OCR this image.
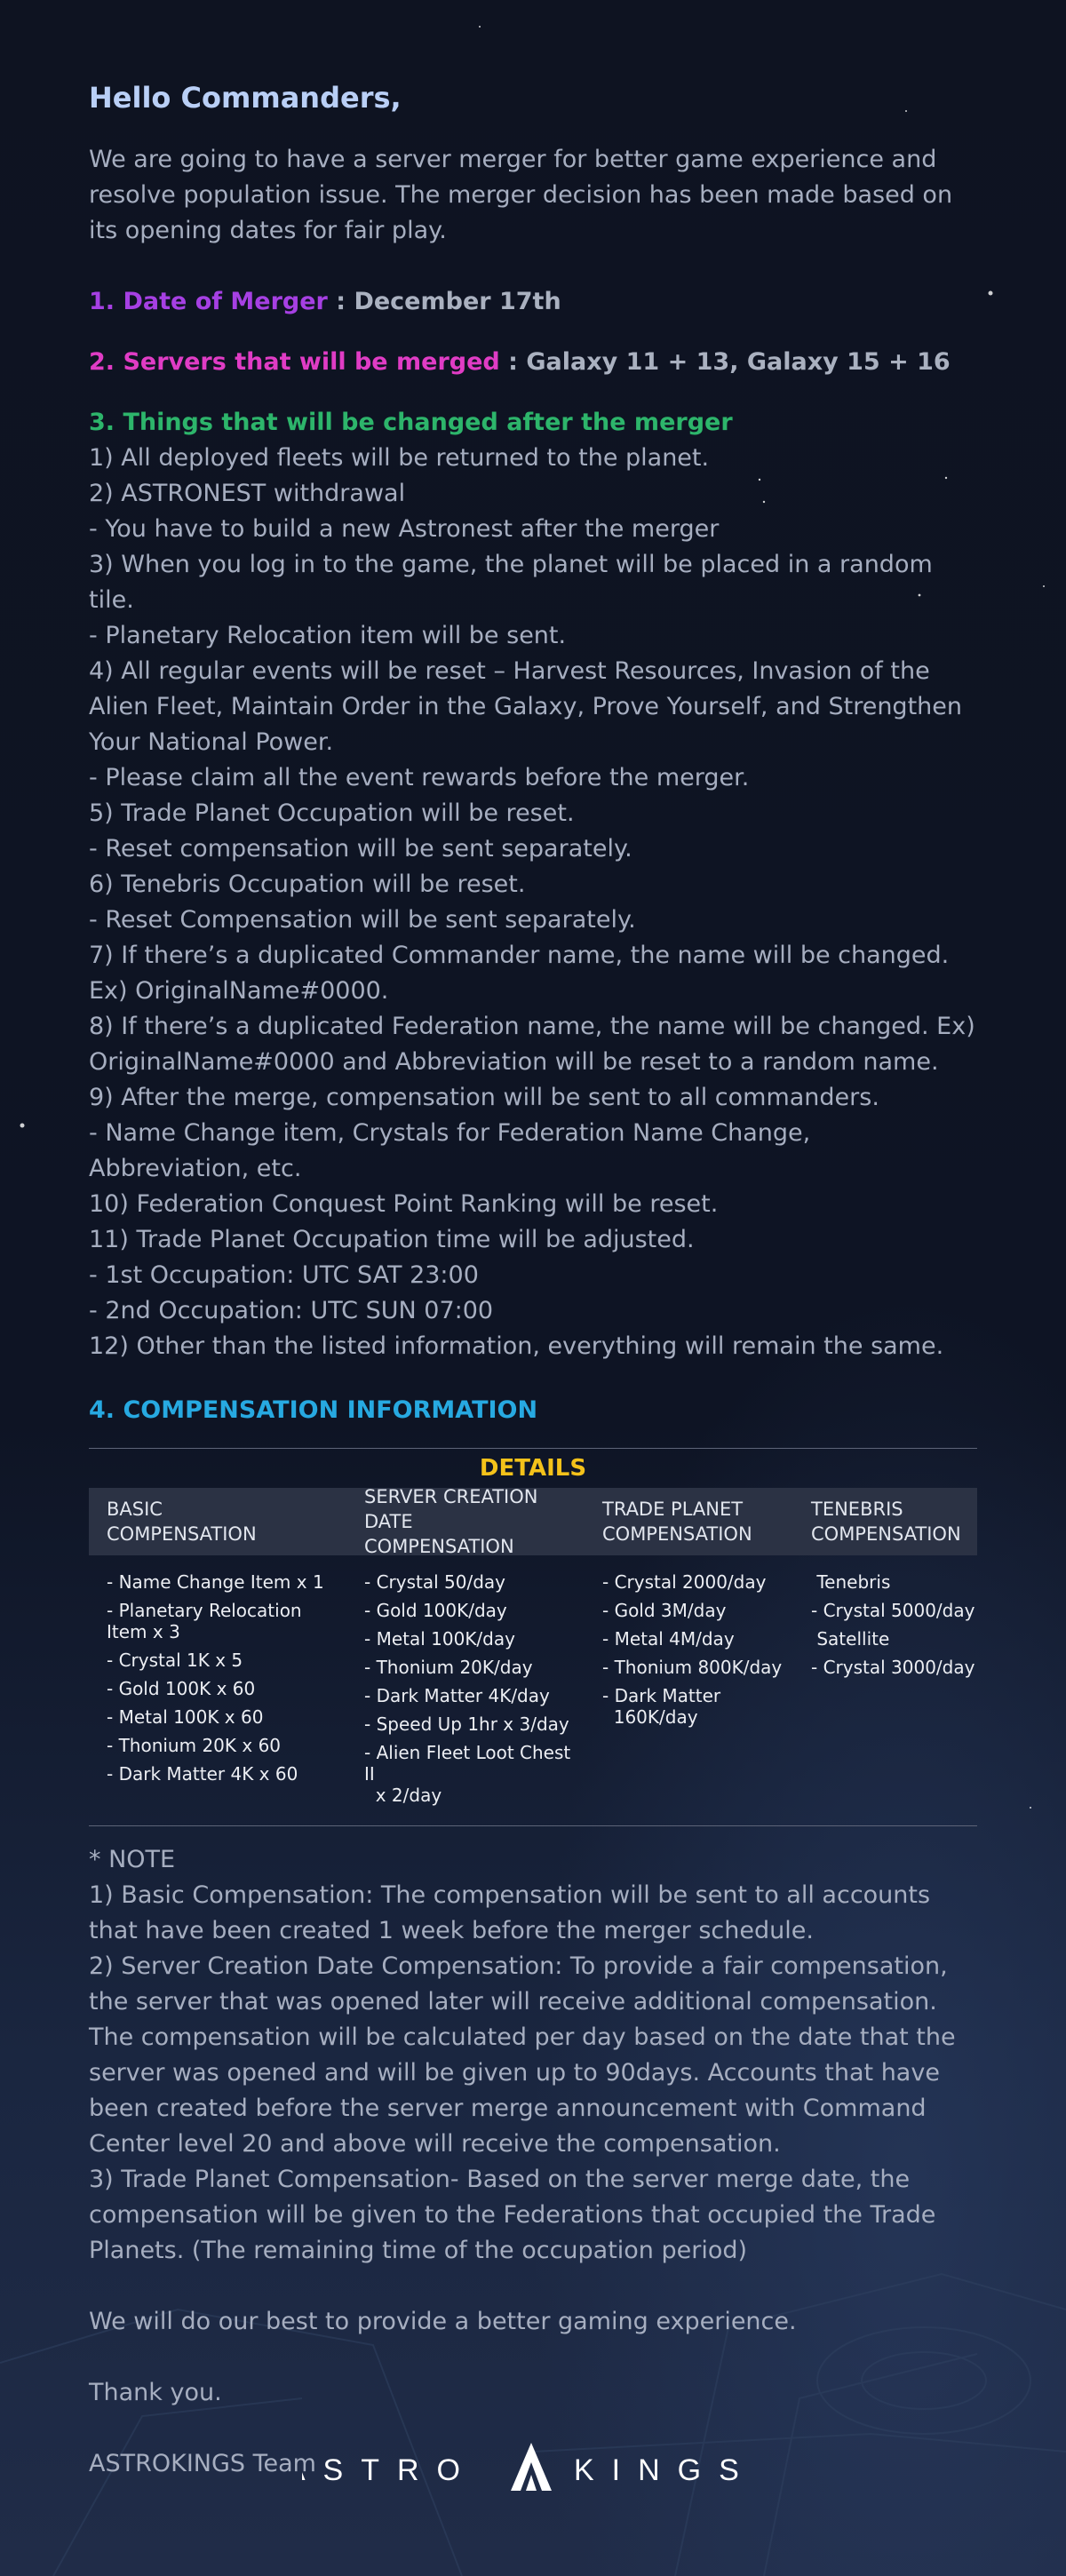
Hello Commanders,

We are going to have a server merger for better game experience and resolve population issue. The merger decision has been made based on its opening dates for fair play.

1. Date of Merger : December 17th

2. Servers that will be merged : Galaxy 11 + 13, Galaxy 15 + 16

3. Things that will be changed after the merger

1) All deployed fleets will be returned to the planet.
2) ASTRONEST withdrawal
- You have to build a new Astronest after the merger
3) When you log in to the game, the planet will be placed in a random tile.
- Planetary Relocation item will be sent.
4) All regular events will be reset – Harvest Resources, Invasion of the Alien Fleet, Maintain Order in the Galaxy, Prove Yourself, and Strengthen Your National Power.
- Please claim all the event rewards before the merger.
5) Trade Planet Occupation will be reset.
- Reset compensation will be sent separately.
6) Tenebris Occupation will be reset.
- Reset Compensation will be sent separately.
7) If there’s a duplicated Commander name, the name will be changed. Ex) OriginalName#0000.
8) If there’s a duplicated Federation name, the name will be changed. Ex) OriginalName#0000 and Abbreviation will be reset to a random name.
9) After the merge, compensation will be sent to all commanders.
- Name Change item, Crystals for Federation Name Change, Abbreviation, etc.
10) Federation Conquest Point Ranking will be reset.
11) Trade Planet Occupation time will be adjusted.
- 1st Occupation: UTC SAT 23:00
- 2nd Occupation: UTC SUN 07:00
12) Other than the listed information, everything will remain the same.

4. COMPENSATION INFORMATION

DETAILS
BASIC
COMPENSATION
SERVER CREATION DATE
COMPENSATION
TRADE PLANET
COMPENSATION
TENEBRIS
COMPENSATION
- Name Change Item x 1
- Planetary Relocation Item x 3
- Crystal 1K x 5
- Gold 100K x 60
- Metal 100K x 60
- Thonium 20K x 60
- Dark Matter 4K x 60
- Crystal 50/day
- Gold 100K/day
- Metal 100K/day
- Thonium 20K/day
- Dark Matter 4K/day
- Speed Up 1hr x 3/day
- Alien Fleet Loot Chest II
x 2/day
- Crystal 2000/day
- Gold 3M/day
- Metal 4M/day
- Thonium 800K/day
- Dark Matter
160K/day
Tenebris
- Crystal 5000/day
Satellite
- Crystal 3000/day

* NOTE

1) Basic Compensation: The compensation will be sent to all accounts that have been created 1 week before the merger schedule.

2) Server Creation Date Compensation: To provide a fair compensation, the server that was opened later will receive additional compensation. The compensation will be calculated per day based on the date that the server was opened and will be given up to 90days. Accounts that have been created before the server merge announcement with Command Center level 20 and above will receive the compensation.

3) Trade Planet Compensation- Based on the server merge date, the compensation will be given to the Federations that occupied the Trade Planets. (The remaining time of the occupation period)

We will do our best to provide a better gaming experience.

Thank you.

ASTROKINGS Team

ASTRO	KINGS
